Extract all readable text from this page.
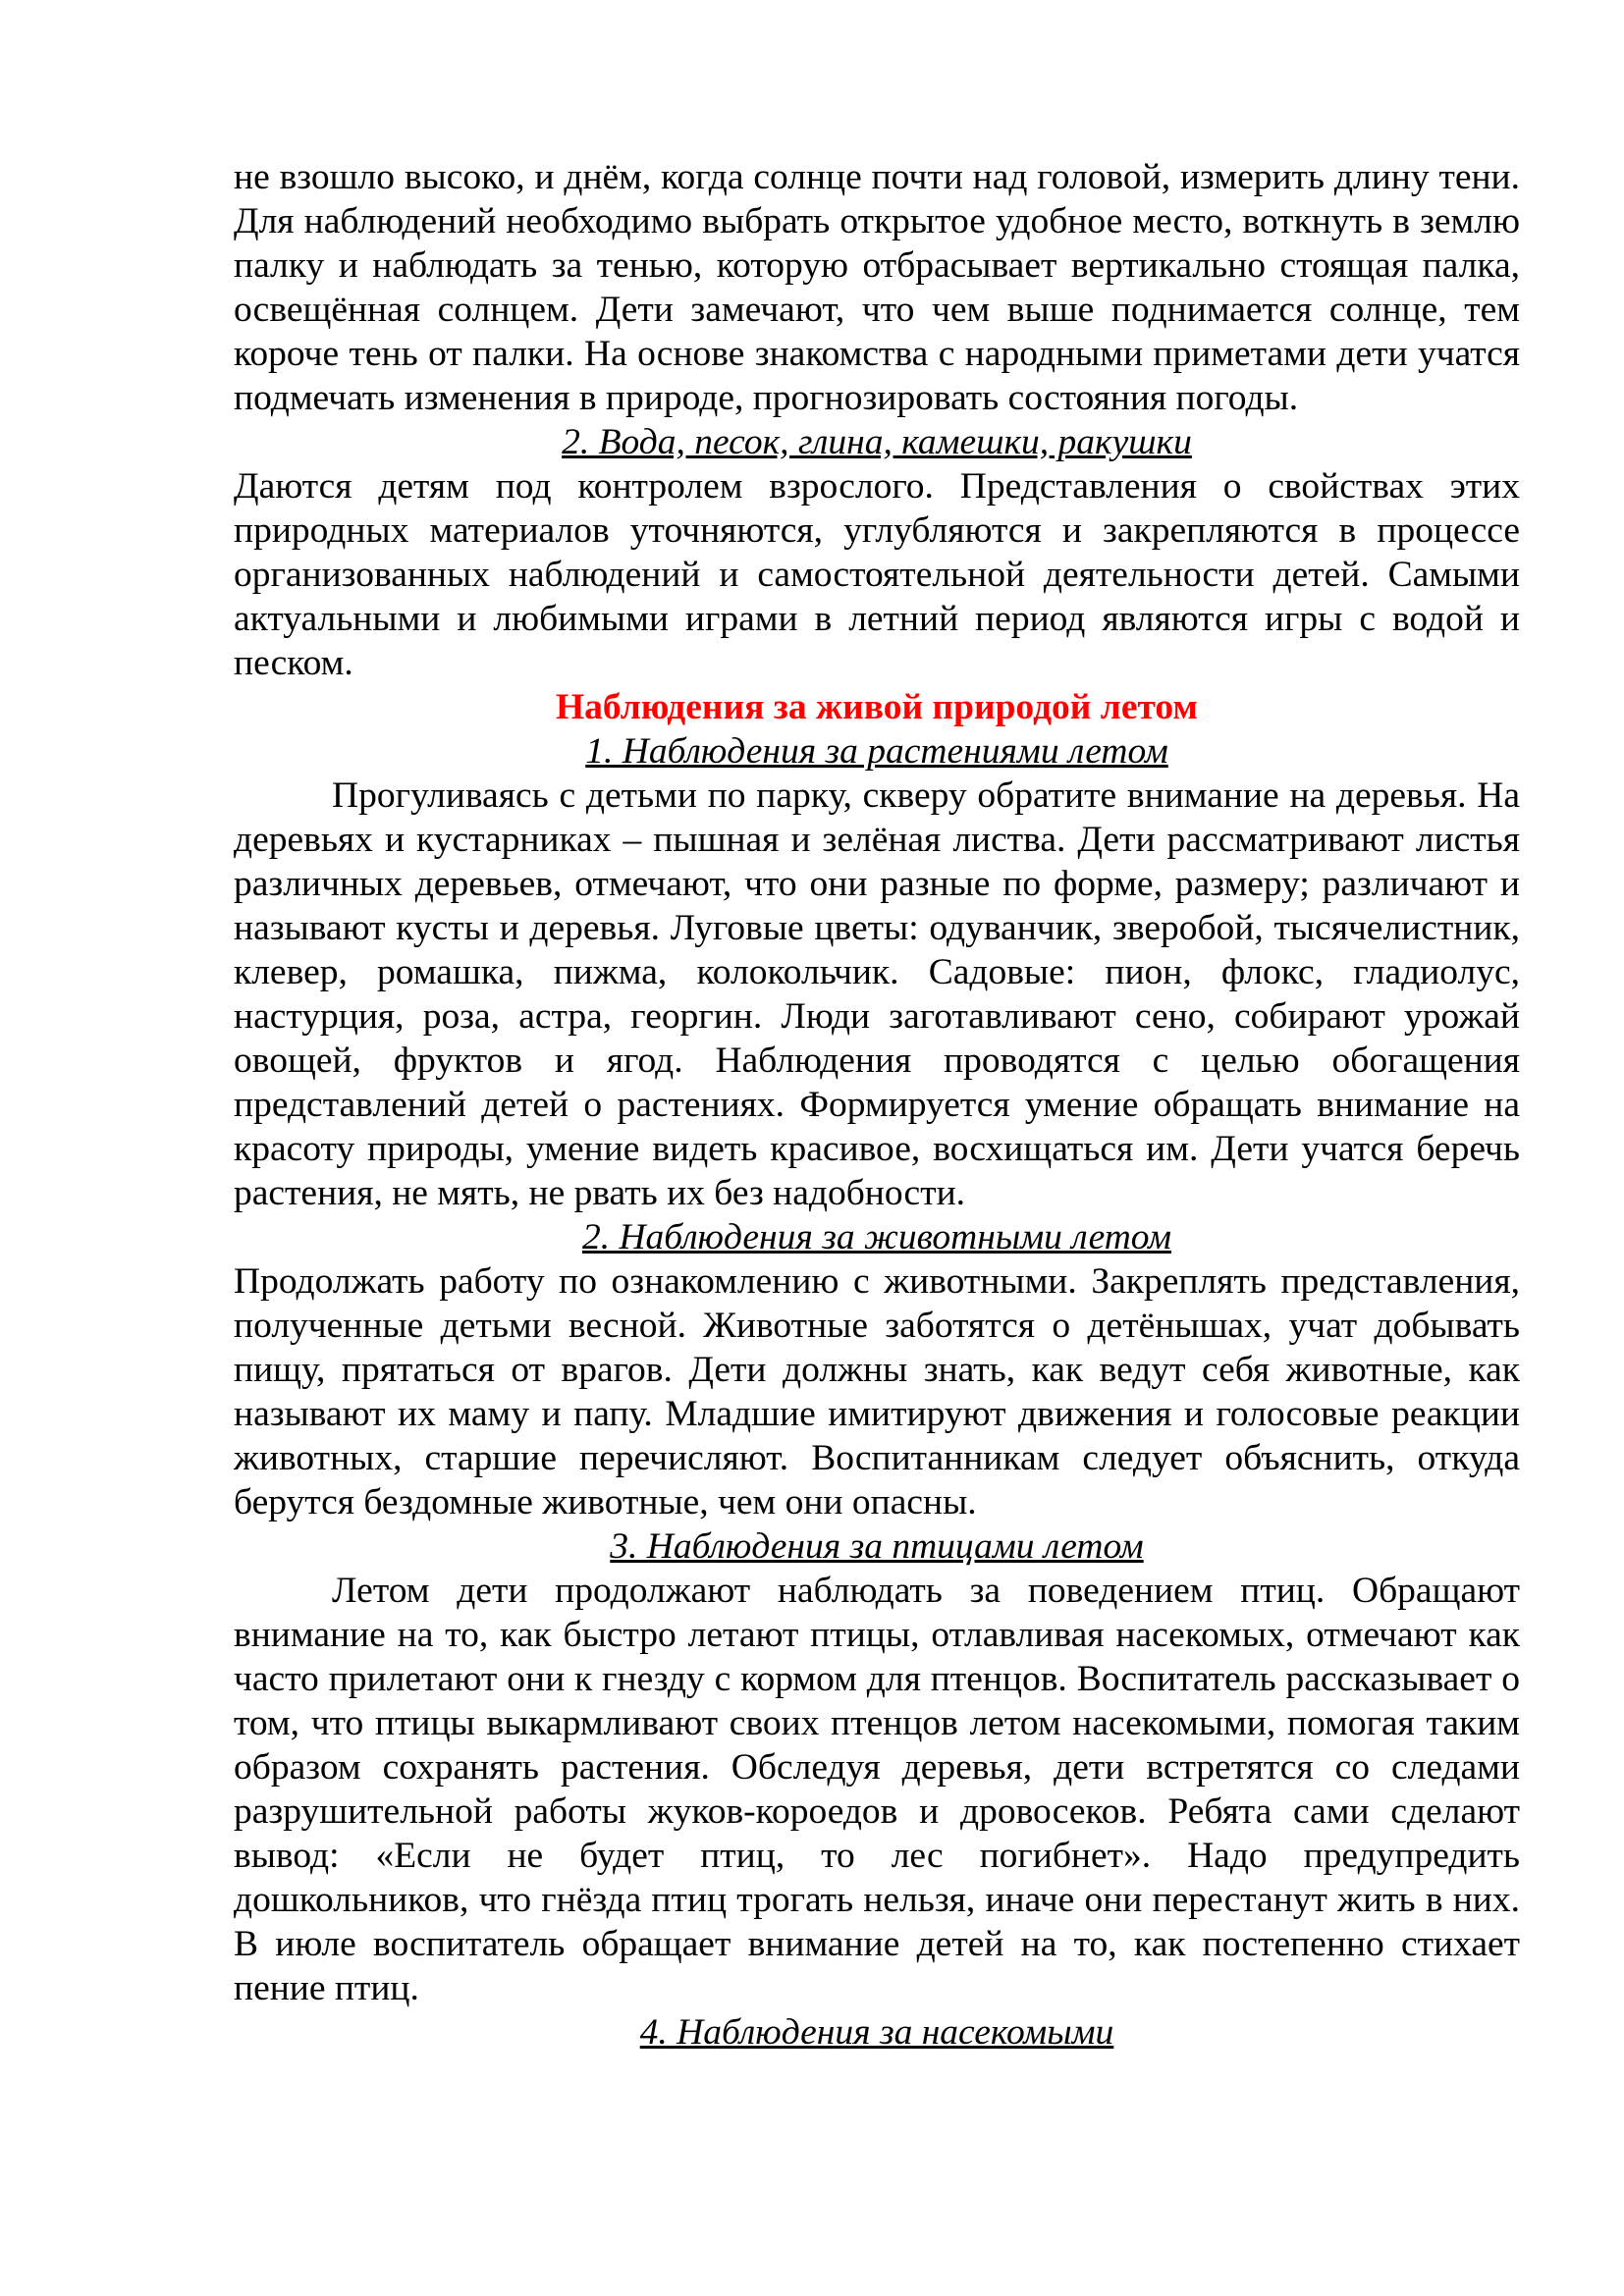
не взошло высоко, и днём, когда солнце почти над головой, измерить длину тени. Для наблюдений необходимо выбрать открытое удобное место, воткнуть в землю палку и наблюдать за тенью, которую отбрасывает вертикально стоящая палка, освещённая солнцем. Дети замечают, что чем выше поднимается солнце, тем короче тень от палки. На основе знакомства с народными приметами дети учатся подмечать изменения в природе, прогнозировать состояния погоды.

2. Вода, песок, глина, камешки, ракушки

Даются детям под контролем взрослого. Представления о свойствах этих природных материалов уточняются, углубляются и закрепляются в процессе организованных наблюдений и самостоятельной деятельности детей. Самыми актуальными и любимыми играми в летний период являются игры с водой и песком.

Наблюдения за живой природой летом
1. Наблюдения за растениями летом

Прогуливаясь с детьми по парку, скверу обратите внимание на деревья. На деревьях и кустарниках – пышная и зелёная листва. Дети рассматривают листья различных деревьев, отмечают, что они разные по форме, размеру; различают и называют кусты и деревья. Луговые цветы: одуванчик, зверобой, тысячелистник, клевер, ромашка, пижма, колокольчик. Садовые: пион, флокс, гладиолус, настурция, роза, астра, георгин. Люди заготавливают сено, собирают урожай овощей, фруктов и ягод. Наблюдения проводятся с целью обогащения представлений детей о растениях. Формируется умение обращать внимание на красоту природы, умение видеть красивое, восхищаться им. Дети учатся беречь растения, не мять, не рвать их без надобности.

2. Наблюдения за животными летом

Продолжать работу по ознакомлению с животными. Закреплять представления, полученные детьми весной. Животные заботятся о детёнышах, учат добывать пищу, прятаться от врагов. Дети должны знать, как ведут себя животные, как называют их маму и папу. Младшие имитируют движения и голосовые реакции животных, старшие перечисляют. Воспитанникам следует объяснить, откуда берутся бездомные животные, чем они опасны.

3. Наблюдения за птицами летом

Летом дети продолжают наблюдать за поведением птиц. Обращают внимание на то, как быстро летают птицы, отлавливая насекомых, отмечают как часто прилетают они к гнезду с кормом для птенцов. Воспитатель рассказывает о том, что птицы выкармливают своих птенцов летом насекомыми, помогая таким образом сохранять растения. Обследуя деревья, дети встретятся со следами разрушительной работы жуков-короедов и дровосеков. Ребята сами сделают вывод: «Если не будет птиц, то лес погибнет». Надо предупредить дошкольников, что гнёзда птиц трогать нельзя, иначе они перестанут жить в них. В июле воспитатель обращает внимание детей на то, как постепенно стихает пение птиц.

4. Наблюдения за насекомыми
